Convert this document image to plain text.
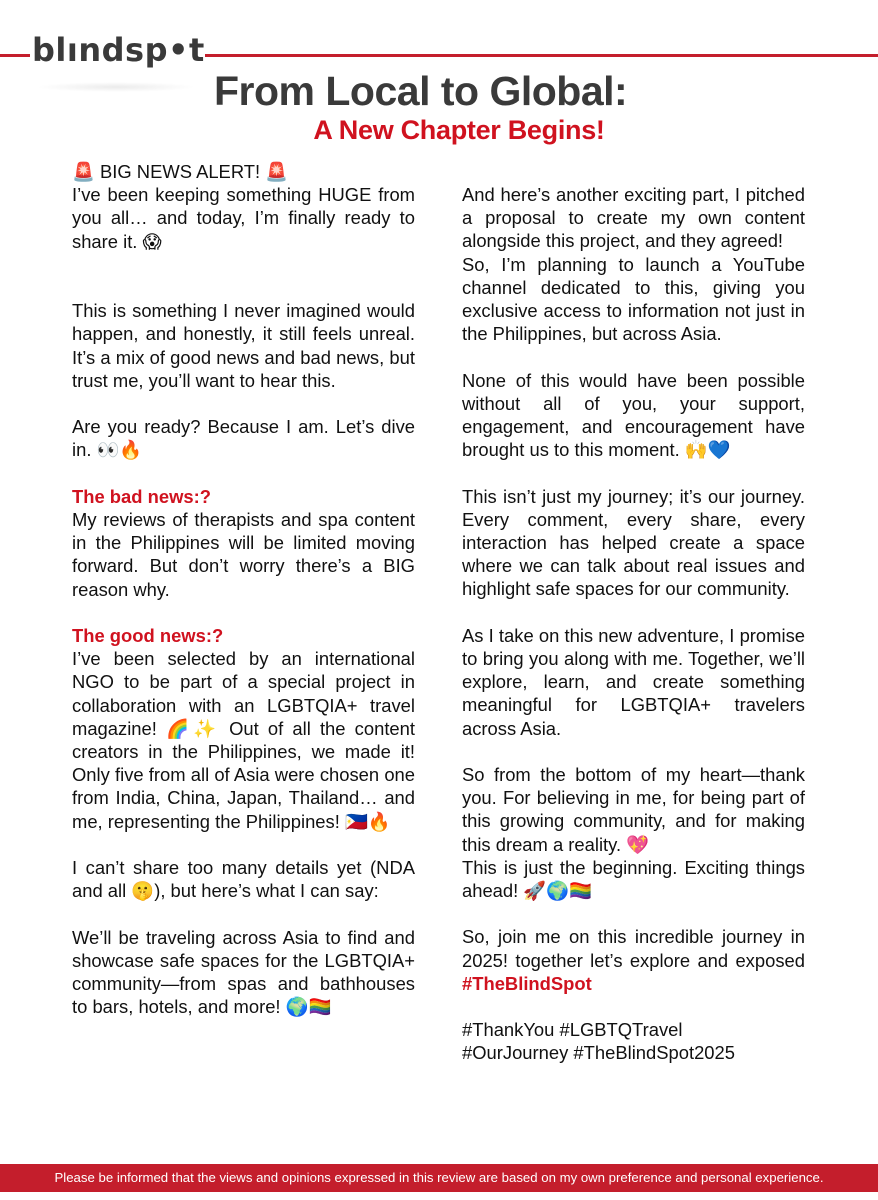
blındsp•t
From Local to Global:
A New Chapter Begins!
🚨 BIG NEWS ALERT! 🚨
I’ve been keeping something HUGE from you all… and today, I’m finally ready to share it. 😱
This is something I never imagined would happen, and honestly, it still feels unreal. It’s a mix of good news and bad news, but trust me, you’ll want to hear this.
Are you ready? Because I am. Let’s dive in. 👀🔥
The bad news:?
My reviews of therapists and spa content in the Philippines will be limited moving forward. But don’t worry there’s a BIG reason why.
The good news:?
I’ve been selected by an international NGO to be part of a special project in collaboration with an LGBTQIA+ travel magazine! 🌈✨ Out of all the content creators in the Philippines, we made it! Only five from all of Asia were chosen one from India, China, Japan, Thailand… and me, representing the Philippines! 🇵🇭🔥
I can’t share too many details yet (NDA and all 🤫), but here’s what I can say:
We’ll be traveling across Asia to find and showcase safe spaces for the LGBTQIA+ community—from spas and bathhouses to bars, hotels, and more! 🌍🏳️‍🌈
And here’s another exciting part, I pitched a proposal to create my own content alongside this project, and they agreed!
So, I’m planning to launch a YouTube channel dedicated to this, giving you exclusive access to information not just in the Philippines, but across Asia.
None of this would have been possible without all of you, your support, engagement, and encouragement have brought us to this moment. 🙌💙
This isn’t just my journey; it’s our journey. Every comment, every share, every interaction has helped create a space where we can talk about real issues and highlight safe spaces for our community.
As I take on this new adventure, I promise to bring you along with me. Together, we’ll explore, learn, and create something meaningful for LGBTQIA+ travelers across Asia.
So from the bottom of my heart—thank you. For believing in me, for being part of this growing community, and for making this dream a reality. 💖
This is just the beginning. Exciting things ahead! 🚀🌍🏳️‍🌈
So, join me on this incredible journey in 2025! together let’s explore and exposed #TheBlindSpot
#ThankYou #LGBTQTravel
#OurJourney #TheBlindSpot2025
Please be informed that the views and opinions expressed in this review are based on my own preference and personal experience.
